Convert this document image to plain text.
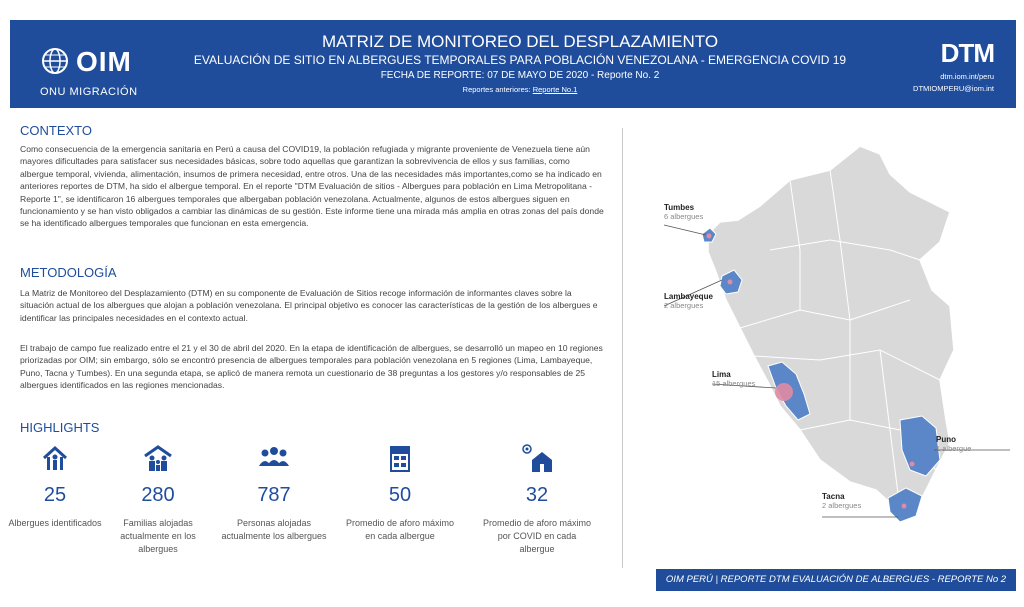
OIM
ONU MIGRACIÓN
MATRIZ DE MONITOREO DEL DESPLAZAMIENTO
EVALUACIÓN DE SITIO EN ALBERGUES TEMPORALES PARA POBLACIÓN VENEZOLANA - EMERGENCIA COVID 19
FECHA DE REPORTE: 07 DE MAYO DE 2020 - Reporte No. 2
Reportes anteriores: Reporte No.1
DTM
dtm.iom.int/peru
DTMIOMPERU@iom.int
CONTEXTO
Como consecuencia de la emergencia sanitaria en Perú a causa del COVID19, la población refugiada y migrante proveniente de Venezuela tiene aún mayores dificultades para satisfacer sus necesidades básicas, sobre todo aquellas que garantizan la sobrevivencia de ellos y sus familias, como albergue temporal, vivienda, alimentación, insumos de primera necesidad, entre otros. Una de las necesidades más importantes,como se ha indicado en anteriores reportes de DTM, ha sido el albergue temporal. En el reporte "DTM Evaluación de sitios - Albergues para población en Lima Metropolitana - Reporte 1", se identificaron 16 albergues temporales que albergaban población venezolana. Actualmente, algunos de estos albergues siguen en funcionamiento y se han visto obligados a cambiar las dinámicas de su gestión. Este informe tiene una mirada más amplia en otras zonas del país donde se ha identificado albergues temporales que funcionan en esta emergencia.
METODOLOGÍA
La Matriz de Monitoreo del Desplazamiento (DTM) en su componente de Evaluación de Sitios recoge información de informantes claves sobre la situación actual de los albergues que alojan a población venezolana. El principal objetivo es conocer las características de la gestión de los albergues e identificar las principales necesidades en el contexto actual.
El trabajo de campo fue realizado entre el 21 y el 30 de abril del 2020. En la etapa de identificación de albergues, se desarrolló un mapeo en 10 regiones priorizadas por OIM; sin embargo, sólo se encontró presencia de albergues temporales para población venezolana en 5 regiones (Lima, Lambayeque, Puno, Tacna y Tumbes). En una segunda etapa, se aplicó de manera remota un cuestionario de 38 preguntas a los gestores y/o responsables de 25 albergues identificados en las regiones mencionadas.
HIGHLIGHTS
25
Albergues identificados
280
Familias alojadas actualmente en los albergues
787
Personas alojadas actualmente los albergues
50
Promedio de aforo máximo en cada albergue
32
Promedio de aforo máximo por COVID en cada albergue
Tumbes
6 albergues
Lambayeque
2 albergues
Lima
15 albergues
Puno
1 albergue
Tacna
2 albergues
OIM PERÚ | REPORTE DTM EVALUACIÓN DE ALBERGUES - REPORTE No 2
